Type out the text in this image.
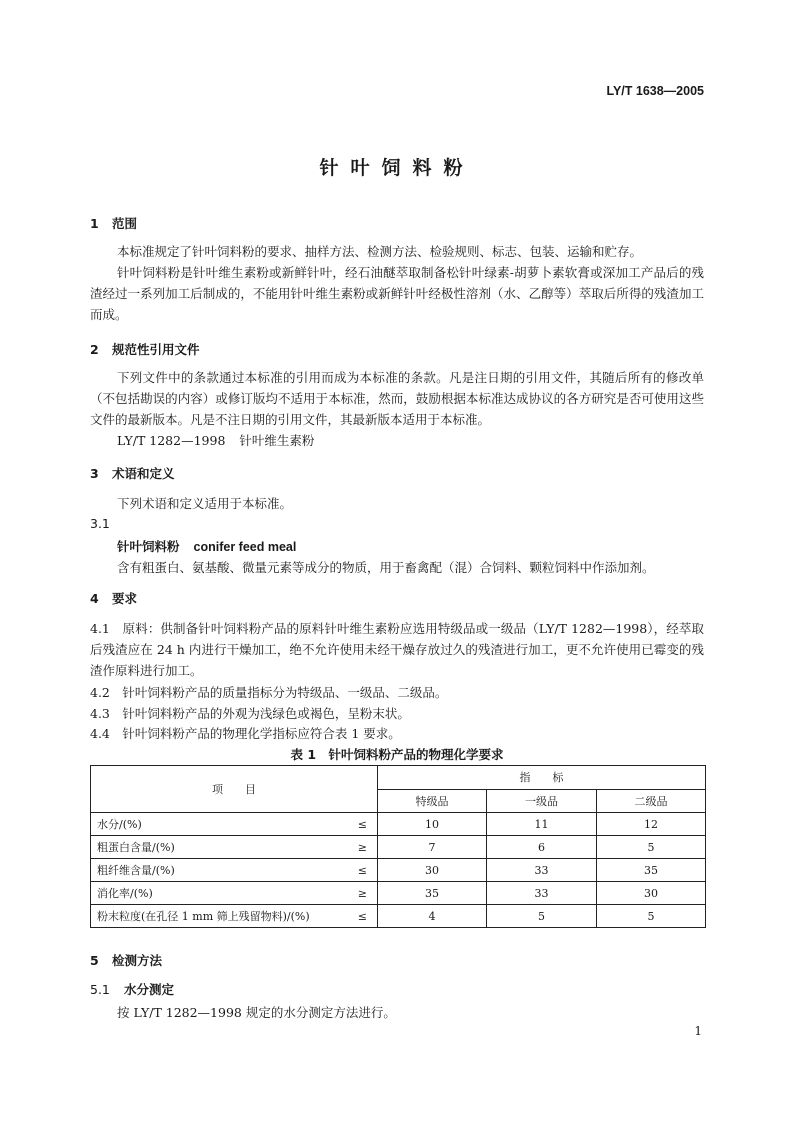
LY/T 1638—2005
针叶饲料粉
1 范围
本标准规定了针叶饲料粉的要求、抽样方法、检测方法、检验规则、标志、包装、运输和贮存。
针叶饲料粉是针叶维生素粉或新鲜针叶，经石油醚萃取制备松针叶绿素-胡萝卜素软膏或深加工产品后的残渣经过一系列加工后制成的，不能用针叶维生素粉或新鲜针叶经极性溶剂（水、乙醇等）萃取后所得的残渣加工而成。
2 规范性引用文件
下列文件中的条款通过本标准的引用而成为本标准的条款。凡是注日期的引用文件，其随后所有的修改单（不包括勘误的内容）或修订版均不适用于本标准，然而，鼓励根据本标准达成协议的各方研究是否可使用这些文件的最新版本。凡是不注日期的引用文件，其最新版本适用于本标准。
LY/T 1282—1998 针叶维生素粉
3 术语和定义
下列术语和定义适用于本标准。
3.1
针叶饲料粉 conifer feed meal
含有粗蛋白、氨基酸、微量元素等成分的物质，用于畜禽配（混）合饲料、颗粒饲料中作添加剂。
4 要求
4.1　原料：供制备针叶饲料粉产品的原料针叶维生素粉应选用特级品或一级品（LY/T 1282—1998），经萃取后残渣应在 24 h 内进行干燥加工，绝不允许使用未经干燥存放过久的残渣进行加工，更不允许使用已霉变的残渣作原料进行加工。
4.2　针叶饲料粉产品的质量指标分为特级品、一级品、二级品。
4.3　针叶饲料粉产品的外观为浅绿色或褐色，呈粉末状。
4.4　针叶饲料粉产品的物理化学指标应符合表 1 要求。
表 1　针叶饲料粉产品的物理化学要求
项　　目		指　　标		
		特级品	一级品	二级品
水分/(%)	≤	10	11	12
粗蛋白含量/(%)	≥	7	6	5
粗纤维含量/(%)	≤	30	33	35
消化率/(%)	≥	35	33	30
粉末粒度(在孔径 1 mm 筛上残留物料)/(%)	≤	4	5	5
5 检测方法
5.1 水分测定
按 LY/T 1282—1998 规定的水分测定方法进行。
1
